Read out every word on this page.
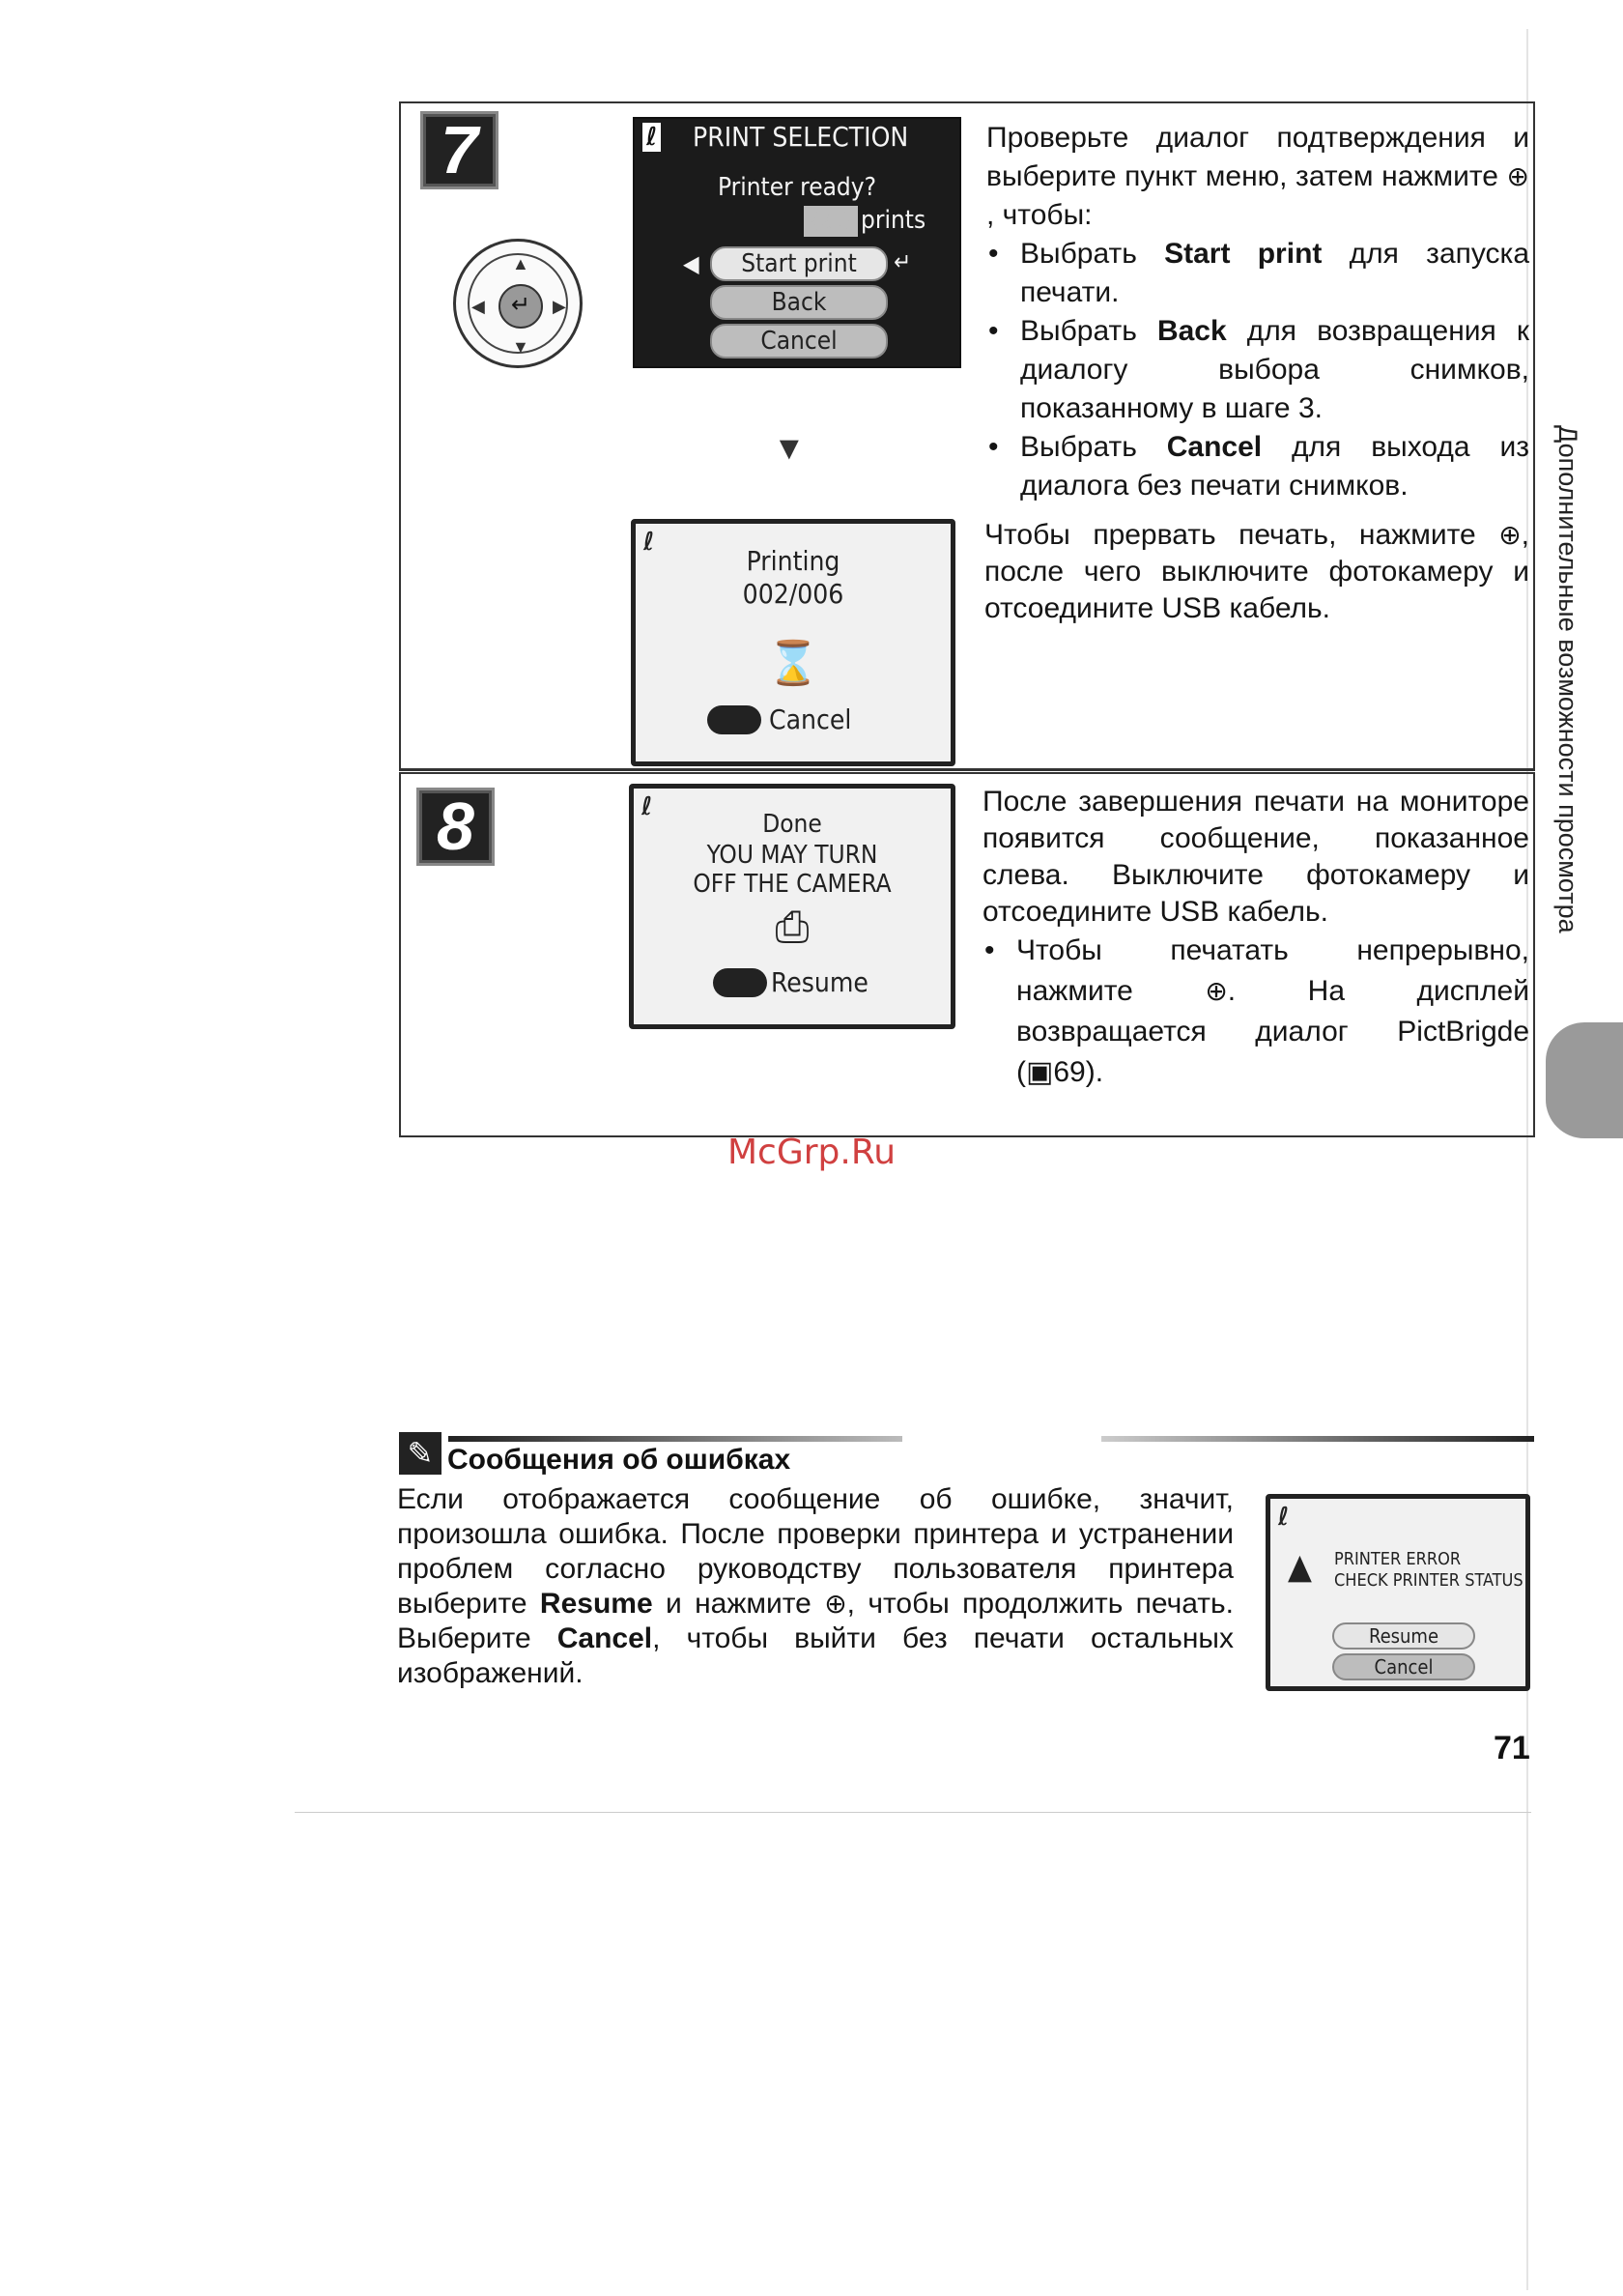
7
▲
▼
◀	▶
↵
ℓ PRINT SELECTION
Printer ready?
006 prints
◀	Start print	↵
Back
Cancel
▼
ℓ
Printing
002/006
⌛
Cancel

Проверьте диалог подтверждения и выберите пункт меню, затем нажмите ⊕, чтобы:

• Выбрать Start print для запуска печати.

• Выбрать Back для возвращения к диалогу выбора снимков, показанному в шаге 3.

• Выбрать Cancel для выхода из диалога без печати снимков.

Чтобы прервать печать, нажмите ⊕, после чего выключите фотокамеру и отсоедините USB кабель.

8	ℓ
Done
YOU MAY TURN
OFF THE CAMERA
⎙
Resume

После завершения печати на мониторе появится сообщение, показанное слева. Выключите фотокамеру и отсоедините USB кабель.

• Чтобы печатать непрерывно, нажмите ⊕. На дисплей возвращается диалог PictBrigde (▣69).

Дополнительные возможности просмотра
McGrp.Ru
✎ Сообщения об ошибках
Если отображается сообщение об ошибке, значит, произошла ошибка. После проверки принтера и устранении проблем согласно руководству пользователя принтера выберите Resume и нажмите ⊕, чтобы продолжить печать. Выберите Cancel, чтобы выйти без печати остальных изображений.
ℓ
▲ PRINTER ERROR
CHECK PRINTER STATUS
Resume
Cancel
71
